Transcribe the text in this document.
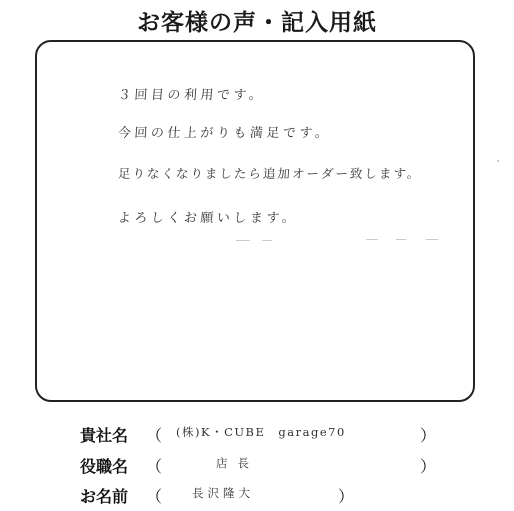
お客様の声・記入用紙
３回目の利用です。
今回の仕上がりも満足です。
足りなくなりましたら追加オーダー致します。
よろしくお願いします。
貴社名 （ (株)K・CUBE　garage70	）
役職名 （	店長	）
お名前 （	長沢隆大	）
